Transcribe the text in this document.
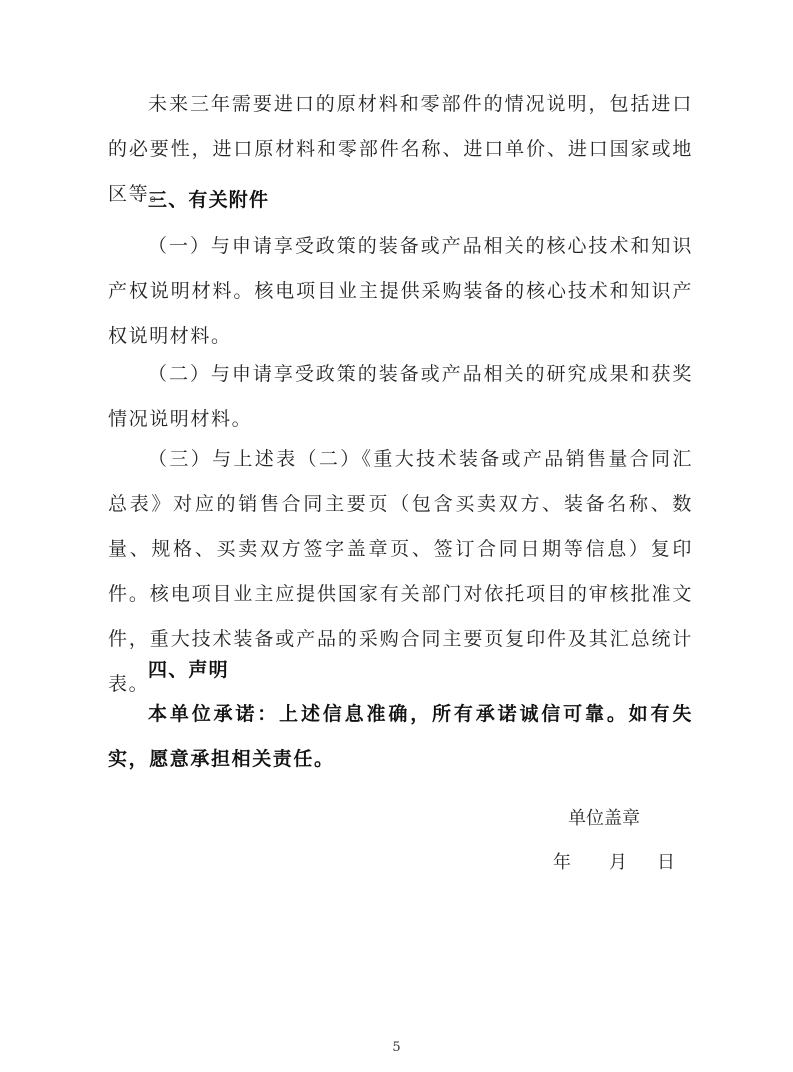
未来三年需要进口的原材料和零部件的情况说明，包括进口的必要性，进口原材料和零部件名称、进口单价、进口国家或地区等。

三、有关附件

（一）与申请享受政策的装备或产品相关的核心技术和知识产权说明材料。核电项目业主提供采购装备的核心技术和知识产权说明材料。

（二）与申请享受政策的装备或产品相关的研究成果和获奖情况说明材料。

（三）与上述表（二）《重大技术装备或产品销售量合同汇总表》对应的销售合同主要页（包含买卖双方、装备名称、数量、规格、买卖双方签字盖章页、签订合同日期等信息）复印件。核电项目业主应提供国家有关部门对依托项目的审核批准文件，重大技术装备或产品的采购合同主要页复印件及其汇总统计表。

四、声明

本单位承诺：上述信息准确，所有承诺诚信可靠。如有失实，愿意承担相关责任。

单位盖章
年 月 日
5
